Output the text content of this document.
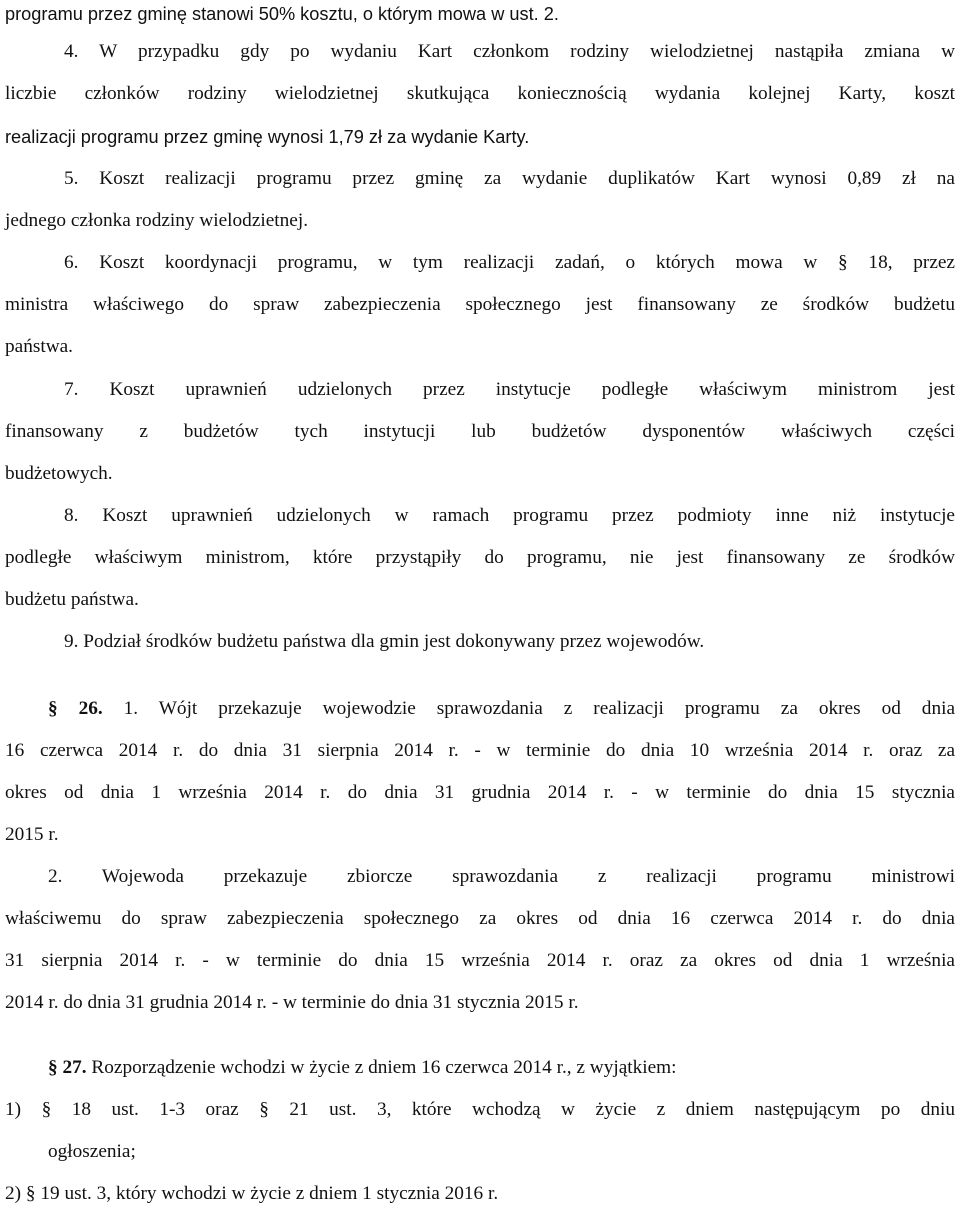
programu przez gminę stanowi 50% kosztu, o którym mowa w ust. 2.
4. W przypadku gdy po wydaniu Kart członkom rodziny wielodzietnej nastąpiła zmiana w
liczbie członków rodziny wielodzietnej skutkująca koniecznością wydania kolejnej Karty, koszt
realizacji programu przez gminę wynosi 1,79 zł za wydanie Karty.
5. Koszt realizacji programu przez gminę za wydanie duplikatów Kart wynosi 0,89 zł na
jednego członka rodziny wielodzietnej.
6. Koszt koordynacji programu, w tym realizacji zadań, o których mowa w § 18, przez
ministra właściwego do spraw zabezpieczenia społecznego jest finansowany ze środków budżetu
państwa.
7. Koszt uprawnień udzielonych przez instytucje podległe właściwym ministrom jest
finansowany z budżetów tych instytucji lub budżetów dysponentów właściwych części
budżetowych.
8. Koszt uprawnień udzielonych w ramach programu przez podmioty inne niż instytucje
podległe właściwym ministrom, które przystąpiły do programu, nie jest finansowany ze środków
budżetu państwa.
9. Podział środków budżetu państwa dla gmin jest dokonywany przez wojewodów.
§ 26. 1. Wójt przekazuje wojewodzie sprawozdania z realizacji programu za okres od dnia
16 czerwca 2014 r. do dnia 31 sierpnia 2014 r. - w terminie do dnia 10 września 2014 r. oraz za
okres od dnia 1 września 2014 r. do dnia 31 grudnia 2014 r. - w terminie do dnia 15 stycznia
2015 r.
2. Wojewoda przekazuje zbiorcze sprawozdania z realizacji programu ministrowi
właściwemu do spraw zabezpieczenia społecznego za okres od dnia 16 czerwca 2014 r. do dnia
31 sierpnia 2014 r. - w terminie do dnia 15 września 2014 r. oraz za okres od dnia 1 września
2014 r. do dnia 31 grudnia 2014 r. - w terminie do dnia 31 stycznia 2015 r.
§ 27. Rozporządzenie wchodzi w życie z dniem 16 czerwca 2014 r., z wyjątkiem:
1) § 18 ust. 1-3 oraz § 21 ust. 3, które wchodzą w życie z dniem następującym po dniu
ogłoszenia;
2) § 19 ust. 3, który wchodzi w życie z dniem 1 stycznia 2016 r.
